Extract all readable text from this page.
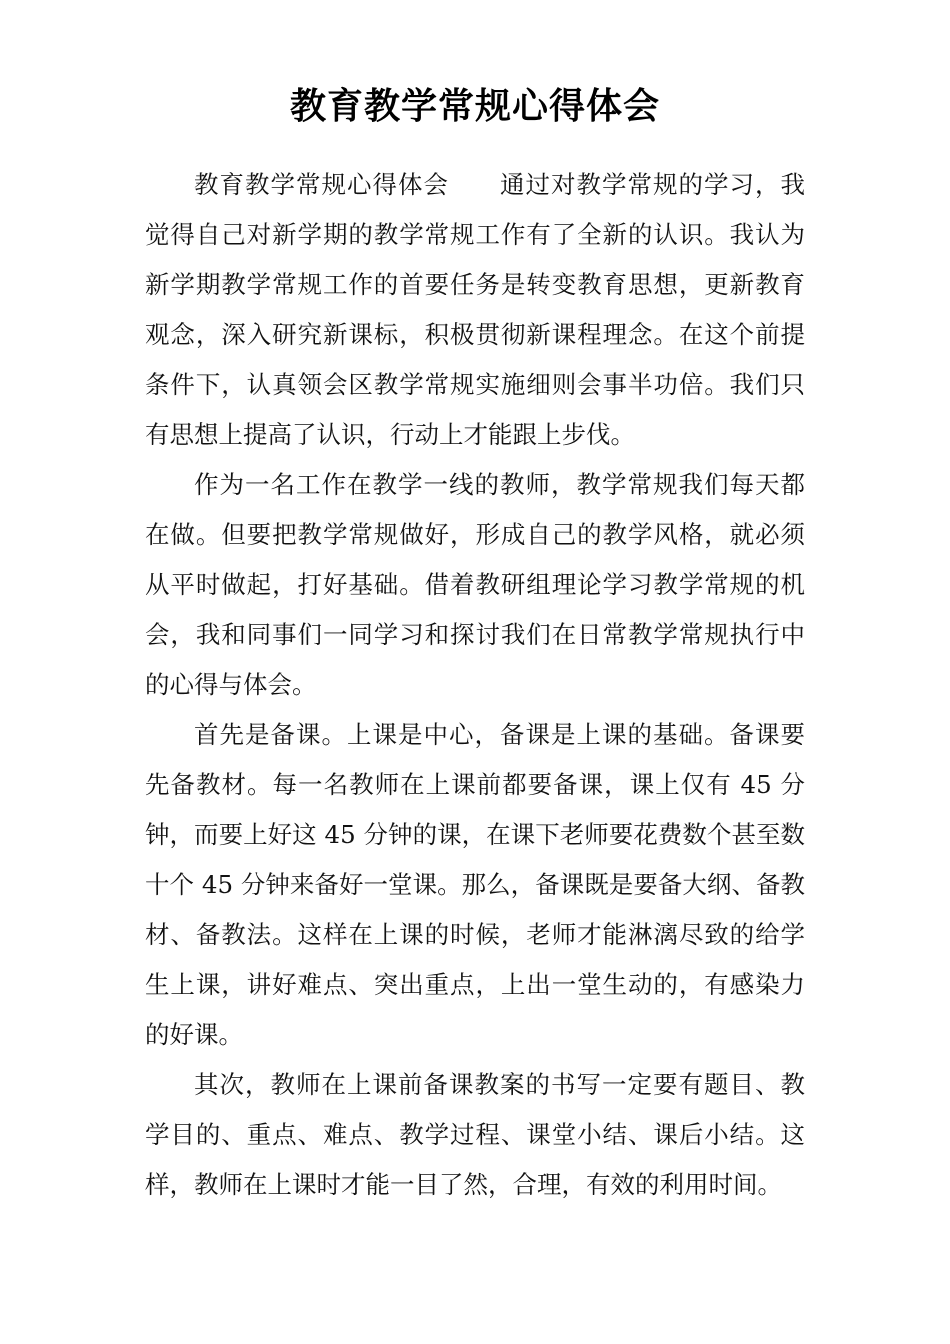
教育教学常规心得体会

教育教学常规心得体会 通过对教学常规的学习，我觉得自己对新学期的教学常规工作有了全新的认识。我认为新学期教学常规工作的首要任务是转变教育思想，更新教育观念，深入研究新课标，积极贯彻新课程理念。在这个前提条件下，认真领会区教学常规实施细则会事半功倍。我们只有思想上提高了认识，行动上才能跟上步伐。

作为一名工作在教学一线的教师，教学常规我们每天都在做。但要把教学常规做好，形成自己的教学风格，就必须从平时做起，打好基础。借着教研组理论学习教学常规的机会，我和同事们一同学习和探讨我们在日常教学常规执行中的心得与体会。

首先是备课。上课是中心，备课是上课的基础。备课要先备教材。每一名教师在上课前都要备课，课上仅有 45 分钟，而要上好这 45 分钟的课，在课下老师要花费数个甚至数十个 45 分钟来备好一堂课。那么，备课既是要备大纲、备教材、备教法。这样在上课的时候，老师才能淋漓尽致的给学生上课，讲好难点、突出重点，上出一堂生动的，有感染力的好课。

其次，教师在上课前备课教案的书写一定要有题目、教学目的、重点、难点、教学过程、课堂小结、课后小结。这样，教师在上课时才能一目了然，合理，有效的利用时间。
